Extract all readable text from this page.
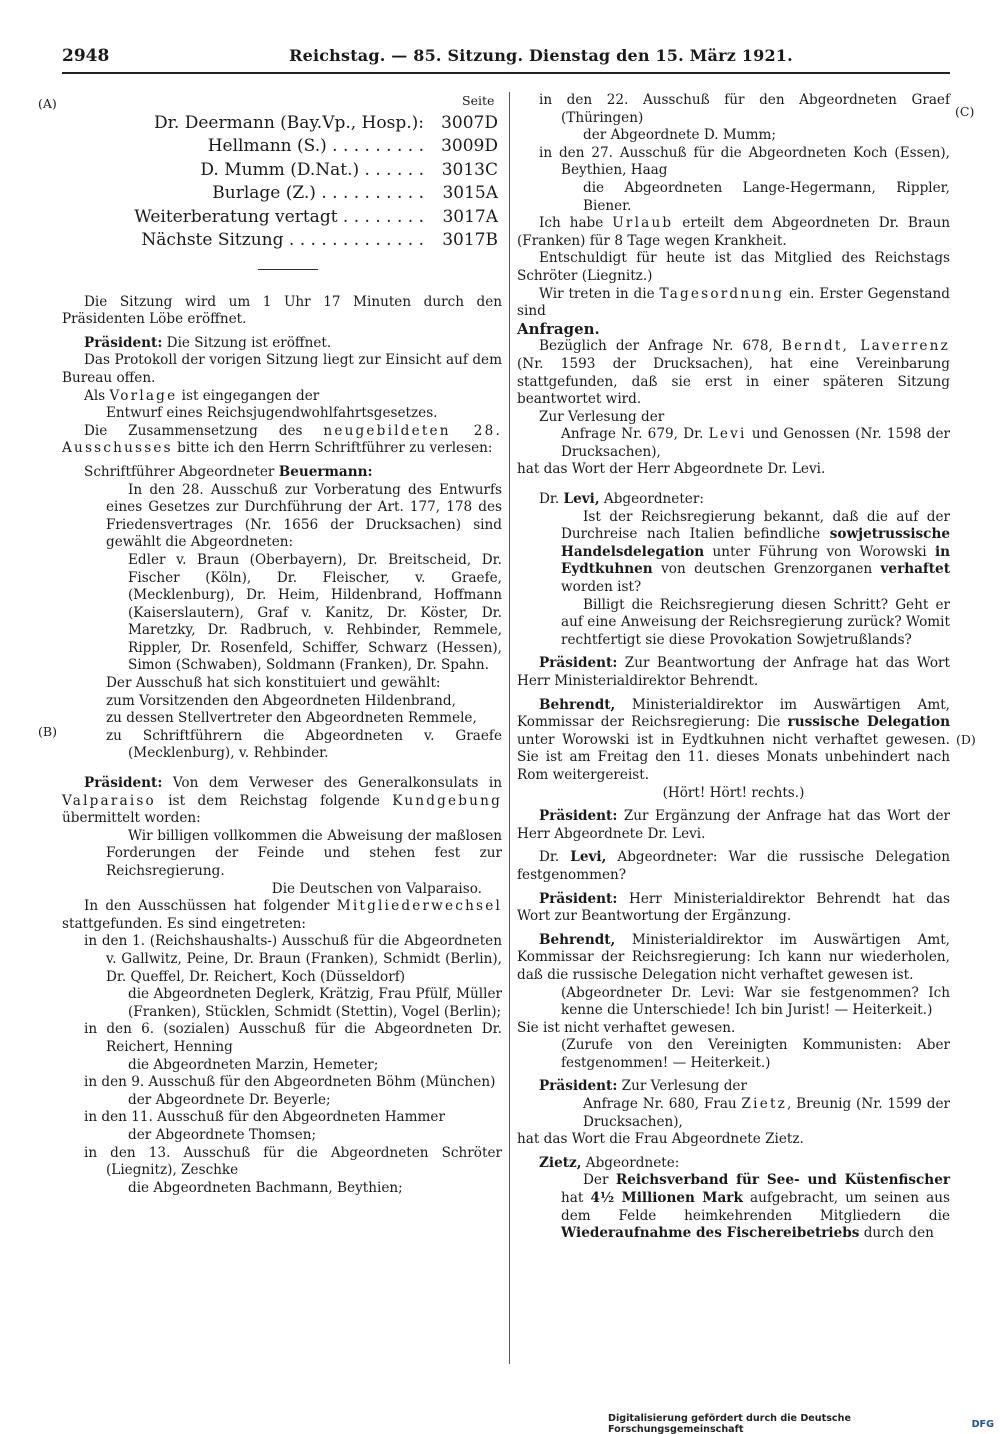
2948	Reichstag. — 85. Sitzung. Dienstag den 15. März 1921.
(A)
(B)
(C)
(D)
Seite
Dr. Deermann (Bay.Vp., Hosp.):	3007D
Hellmann (S.) . . . . . . . . .	3009D
D. Mumm (D.Nat.) . . . . . .	3013C
Burlage (Z.) . . . . . . . . . .	3015A
Weiterberatung vertagt . . . . . . . .	3017A
Nächste Sitzung . . . . . . . . . . . . .	3017B

Die Sitzung wird um 1 Uhr 17 Minuten durch den Präsidenten Löbe eröffnet.

Präsident: Die Sitzung ist eröffnet.

Das Protokoll der vorigen Sitzung liegt zur Einsicht auf dem Bureau offen.

Als Vorlage ist eingegangen der

Entwurf eines Reichsjugendwohlfahrtsgesetzes.

Die Zusammensetzung des neugebildeten 28. Ausschusses bitte ich den Herrn Schriftführer zu verlesen:

Schriftführer Abgeordneter Beuermann:

In den 28. Ausschuß zur Vorberatung des Entwurfs eines Gesetzes zur Durchführung der Art. 177, 178 des Friedensvertrages (Nr. 1656 der Drucksachen) sind gewählt die Abgeordneten:

Edler v. Braun (Oberbayern), Dr. Breitscheid, Dr. Fischer (Köln), Dr. Fleischer, v. Graefe, (Mecklenburg), Dr. Heim, Hildenbrand, Hoffmann (Kaiserslautern), Graf v. Kanitz, Dr. Köster, Dr. Maretzky, Dr. Radbruch, v. Rehbinder, Remmele, Rippler, Dr. Rosenfeld, Schiffer, Schwarz (Hessen), Simon (Schwaben), Soldmann (Franken), Dr. Spahn.

Der Ausschuß hat sich konstituiert und gewählt:

zum Vorsitzenden den Abgeordneten Hildenbrand,

zu dessen Stellvertreter den Abgeordneten Remmele,

zu Schriftführern die Abgeordneten v. Graefe (Mecklenburg), v. Rehbinder.

Präsident: Von dem Verweser des Generalkonsulats in Valparaiso ist dem Reichstag folgende Kundgebung übermittelt worden:

Wir billigen vollkommen die Abweisung der maßlosen Forderungen der Feinde und stehen fest zur Reichsregierung.

Die Deutschen von Valparaiso.

In den Ausschüssen hat folgender Mitgliederwechsel stattgefunden. Es sind eingetreten:

in den 1. (Reichshaushalts-) Ausschuß für die Abgeordneten v. Gallwitz, Peine, Dr. Braun (Franken), Schmidt (Berlin), Dr. Queffel, Dr. Reichert, Koch (Düsseldorf)

die Abgeordneten Deglerk, Krätzig, Frau Pfülf, Müller (Franken), Stücklen, Schmidt (Stettin), Vogel (Berlin);

in den 6. (sozialen) Ausschuß für die Abgeordneten Dr. Reichert, Henning

die Abgeordneten Marzin, Hemeter;

in den 9. Ausschuß für den Abgeordneten Böhm (München)

der Abgeordnete Dr. Beyerle;

in den 11. Ausschuß für den Abgeordneten Hammer

der Abgeordnete Thomsen;

in den 13. Ausschuß für die Abgeordneten Schröter (Liegnitz), Zeschke

die Abgeordneten Bachmann, Beythien;

in den 22. Ausschuß für den Abgeordneten Graef (Thüringen)

der Abgeordnete D. Mumm;

in den 27. Ausschuß für die Abgeordneten Koch (Essen), Beythien, Haag

die Abgeordneten Lange-Hegermann, Rippler, Biener.

Ich habe Urlaub erteilt dem Abgeordneten Dr. Braun (Franken) für 8 Tage wegen Krankheit.

Entschuldigt für heute ist das Mitglied des Reichstags Schröter (Liegnitz.)

Wir treten in die Tagesordnung ein. Erster Gegenstand sind

Anfragen.

Bezüglich der Anfrage Nr. 678, Berndt, Laverrenz (Nr. 1593 der Drucksachen), hat eine Vereinbarung stattgefunden, daß sie erst in einer späteren Sitzung beantwortet wird.

Zur Verlesung der

Anfrage Nr. 679, Dr. Levi und Genossen (Nr. 1598 der Drucksachen),

hat das Wort der Herr Abgeordnete Dr. Levi.

Dr. Levi, Abgeordneter:

Ist der Reichsregierung bekannt, daß die auf der Durchreise nach Italien befindliche sowjetrussische Handelsdelegation unter Führung von Worowski in Eydtkuhnen von deutschen Grenzorganen verhaftet worden ist?

Billigt die Reichsregierung diesen Schritt? Geht er auf eine Anweisung der Reichsregierung zurück? Womit rechtfertigt sie diese Provokation Sowjetrußlands?

Präsident: Zur Beantwortung der Anfrage hat das Wort Herr Ministerialdirektor Behrendt.

Behrendt, Ministerialdirektor im Auswärtigen Amt, Kommissar der Reichsregierung: Die russische Delegation unter Worowski ist in Eydtkuhnen nicht verhaftet gewesen. Sie ist am Freitag den 11. dieses Monats unbehindert nach Rom weitergereist.

(Hört! Hört! rechts.)

Präsident: Zur Ergänzung der Anfrage hat das Wort der Herr Abgeordnete Dr. Levi.

Dr. Levi, Abgeordneter: War die russische Delegation festgenommen?

Präsident: Herr Ministerialdirektor Behrendt hat das Wort zur Beantwortung der Ergänzung.

Behrendt, Ministerialdirektor im Auswärtigen Amt, Kommissar der Reichsregierung: Ich kann nur wiederholen, daß die russische Delegation nicht verhaftet gewesen ist.

(Abgeordneter Dr. Levi: War sie festgenommen? Ich kenne die Unterschiede! Ich bin Jurist! — Heiterkeit.)

Sie ist nicht verhaftet gewesen.

(Zurufe von den Vereinigten Kommunisten: Aber festgenommen! — Heiterkeit.)

Präsident: Zur Verlesung der

Anfrage Nr. 680, Frau Zietz, Breunig (Nr. 1599 der Drucksachen),

hat das Wort die Frau Abgeordnete Zietz.

Zietz, Abgeordnete:

Der Reichsverband für See- und Küstenfischer hat 4½ Millionen Mark aufgebracht, um seinen aus dem Felde heimkehrenden Mitgliedern die Wiederaufnahme des Fischereibetriebs durch den

Digitalisierung gefördert durch die Deutsche Forschungsgemeinschaft	DFG
